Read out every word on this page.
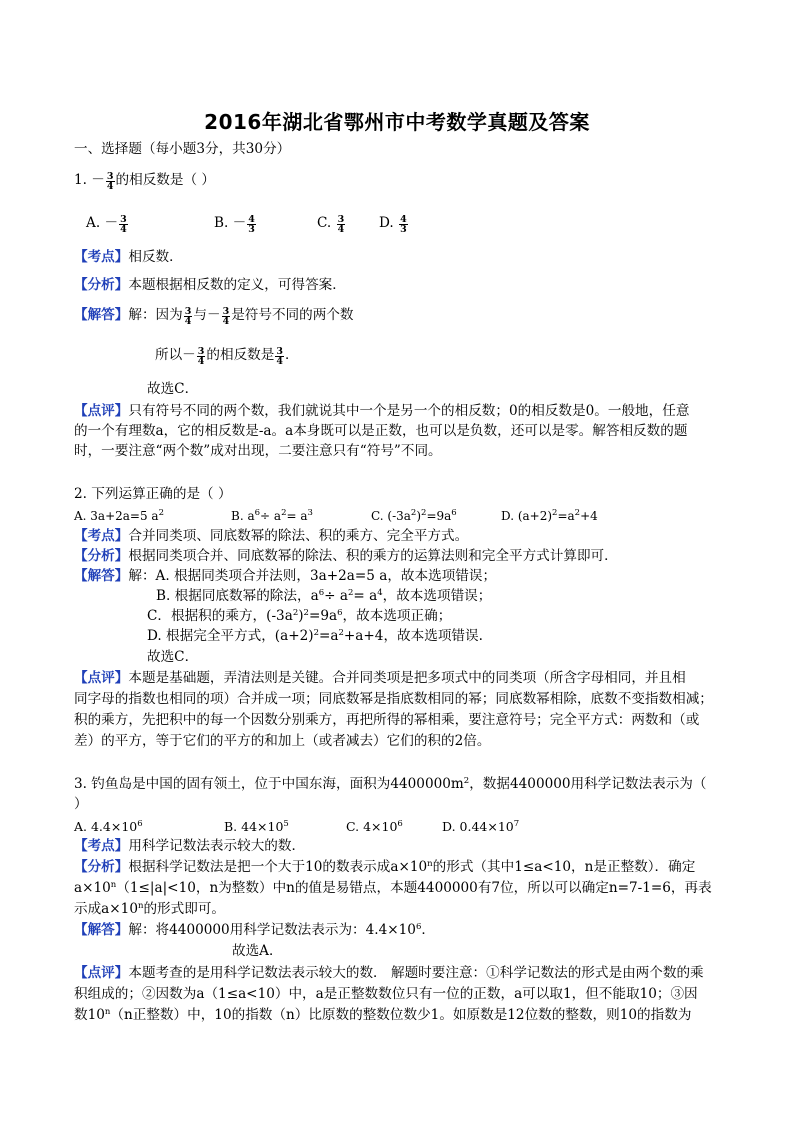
2016年湖北省鄂州市中考数学真题及答案
一、选择题（每小题3分，共30分）
1. － $\frac{3}{4}$ 的相反数是（ ）
A. － $\frac{3}{4}$	B. － $\frac{4}{3}$	C. $\frac{3}{4} D$. $\frac{4}{3}$
【考点】相反数．
【分析】本题根据相反数的定义，可得答案．
【解答】解：因为 $\frac{3}{4}$ 与－ $\frac{3}{4}$ 是符号不同的两个数
所以－ $\frac{3}{4}$ 的相反数是 $\frac{3}{4}$ ．
故选C．
【点评】只有符号不同的两个数，我们就说其中一个是另一个的相反数；0的相反数是0。一般地，任意
的一个有理数a，它的相反数是-a。a本身既可以是正数，也可以是负数，还可以是零。解答相反数的题
时，一要注意“两个数”成对出现，二要注意只有“符号”不同。
2. 下列运算正确的是（ ）
A. 3a+2a=5 $a^2$	B. $a^6\div a^2= a^3$	C. $(-3a^2)^2=9a^6$	D. $(a+2)^2=a^2+4$
【考点】合并同类项、同底数幂的除法、积的乘方、完全平方式。
【分析】根据同类项合并、同底数幂的除法、积的乘方的运算法则和完全平方式计算即可．
【解答】解：A. 根据同类项合并法则，3a+2a=5 a，故本选项错误；
B. 根据同底数幂的除法，$a^6\div a^2= a^4$，故本选项错误；
C．根据积的乘方，$(-3a^2)^2=9a^6$，故本选项正确；
D. 根据完全平方式，$(a+2)^2=a^2+a+4$，故本选项错误.
故选C．
【点评】本题是基础题，弄清法则是关键。合并同类项是把多项式中的同类项（所含字母相同，并且相
同字母的指数也相同的项）合并成一项；同底数幂是指底数相同的幂；同底数幂相除，底数不变指数相减；
积的乘方，先把积中的每一个因数分别乘方，再把所得的幂相乘，要注意符号；完全平方式：两数和（或
差）的平方，等于它们的平方的和加上（或者减去）它们的积的2倍。
3. 钓鱼岛是中国的固有领土，位于中国东海，面积为$4400000m^2$，数据4400000用科学记数法表示为（
）
A. $4.4\times 10^6$	B. $44\times 10^5$	C. $4\times 10^6$	D. $0.44\times 10^7$
【考点】用科学记数法表示较大的数．
【分析】根据科学记数法是把一个大于10的数表示成$a\times 10^n$的形式（其中1≤a<10，n是正整数）．确定
$a\times 10^n(1\le|a|<10$，n为整数）中n的值是易错点，本题4400000有7位，所以可以确定n=7-1=6，再表
示成$a\times 10^n$的形式即可。
【解答】解：将4400000用科学记数法表示为：$4.4\times 10^6$．
故选A．
【点评】本题考查的是用科学记数法表示较大的数． 解题时要注意：①科学记数法的形式是由两个数的乘
积组成的；②因数为a（1≤a<10）中，a是正整数数位只有一位的正数，a可以取1，但不能取10；③因
数10$^n$（n正整数）中，10的指数（n）比原数的整数位数少1。如原数是12位数的整数，则10的指数为
